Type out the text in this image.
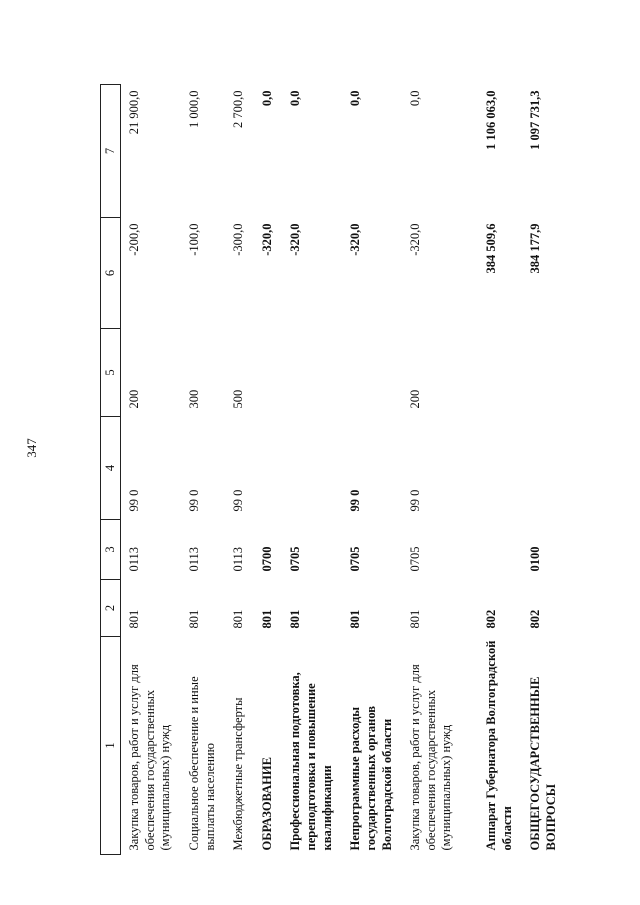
347
1	2	3	4	5	6	7
Закупка товаров, работ и услуг для обеспечения государственных (муниципальных) нужд	801	0113	99 0	200	-200,0	21 900,0
Социальное обеспечение и иные выплаты населению	801	0113	99 0	300	-100,0	1 000,0
Межбюджетные трансферты	801	0113	99 0	500	-300,0	2 700,0
ОБРАЗОВАНИЕ	801	0700			-320,0	0,0
Профессиональная подготовка, переподготовка и повышение квалификации	801	0705			-320,0	0,0
Непрограммные расходы государственных органов Волгоградской области	801	0705	99 0		-320,0	0,0
Закупка товаров, работ и услуг для обеспечения государственных (муниципальных) нужд	801	0705	99 0	200	-320,0	0,0
Аппарат Губернатора Волгоградской области	802				384 509,6	1 106 063,0
ОБЩЕГОСУДАРСТВЕННЫЕ ВОПРОСЫ	802	0100			384 177,9	1 097 731,3
